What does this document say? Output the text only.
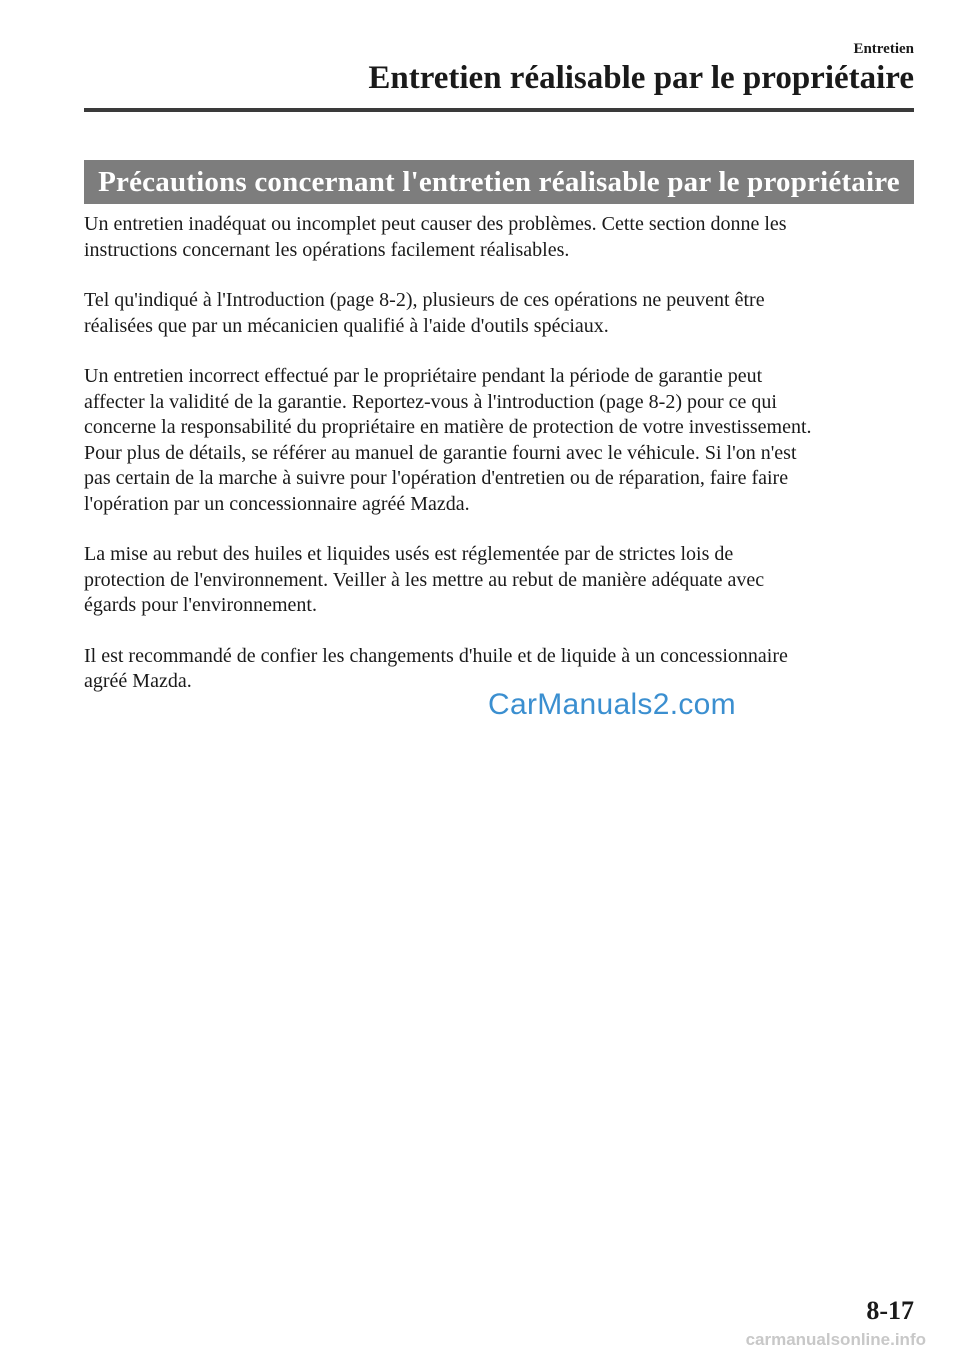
Entretien
Entretien réalisable par le propriétaire
Précautions concernant l'entretien réalisable par le propriétaire

Un entretien inadéquat ou incomplet peut causer des problèmes. Cette section donne les
instructions concernant les opérations facilement réalisables.

Tel qu'indiqué à l'Introduction (page 8-2), plusieurs de ces opérations ne peuvent être
réalisées que par un mécanicien qualifié à l'aide d'outils spéciaux.

Un entretien incorrect effectué par le propriétaire pendant la période de garantie peut
affecter la validité de la garantie. Reportez-vous à l'introduction (page 8-2) pour ce qui
concerne la responsabilité du propriétaire en matière de protection de votre investissement.
Pour plus de détails, se référer au manuel de garantie fourni avec le véhicule. Si l'on n'est
pas certain de la marche à suivre pour l'opération d'entretien ou de réparation, faire faire
l'opération par un concessionnaire agréé Mazda.

La mise au rebut des huiles et liquides usés est réglementée par de strictes lois de
protection de l'environnement. Veiller à les mettre au rebut de manière adéquate avec
égards pour l'environnement.

Il est recommandé de confier les changements d'huile et de liquide à un concessionnaire
agréé Mazda.

CarManuals2.com
8-17
carmanualsonline.info
